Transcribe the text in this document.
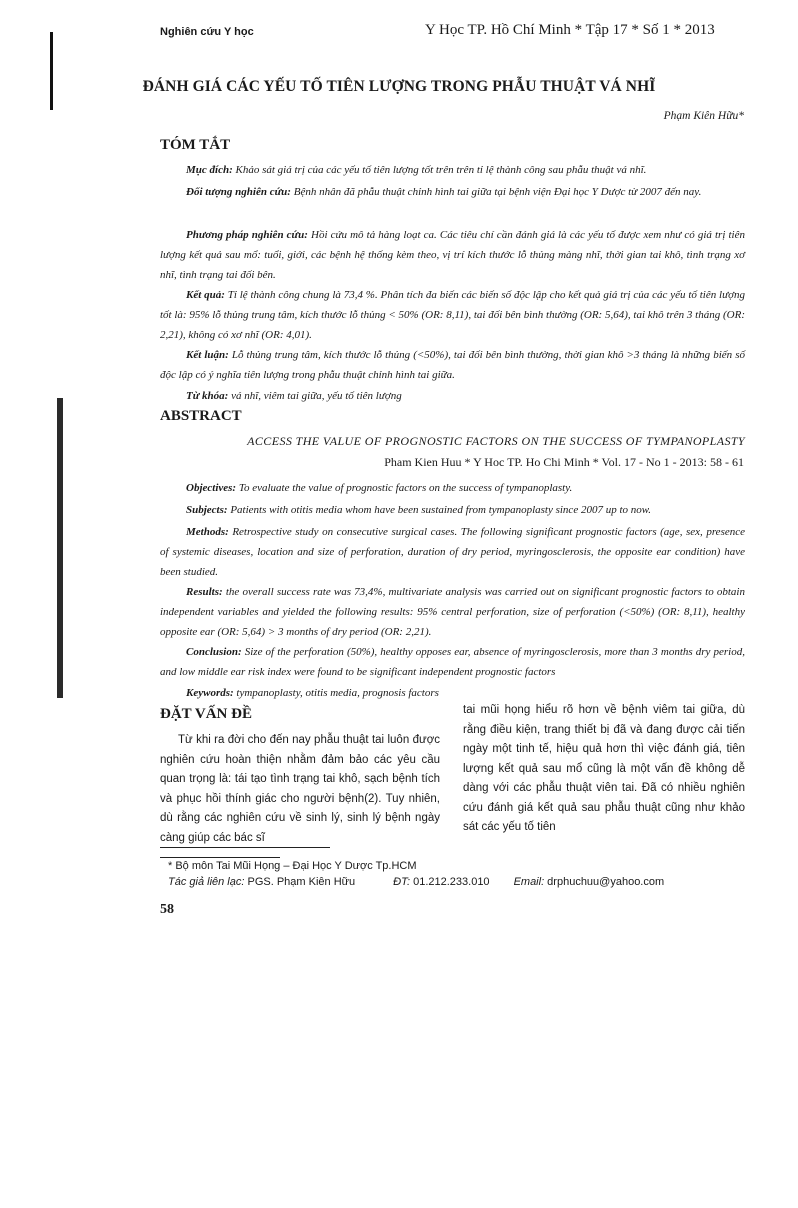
Nghiên cứu Y học	Y Học TP. Hồ Chí Minh * Tập 17 * Số 1 * 2013
ĐÁNH GIÁ CÁC YẾU TỐ TIÊN LƯỢNG TRONG PHẪU THUẬT VÁ NHĨ
Phạm Kiên Hữu*
TÓM TẮT
Mục đích: Khảo sát giá trị của các yếu tố tiên lượng tốt trên trên tỉ lệ thành công sau phẫu thuật vá nhĩ.
Đối tượng nghiên cứu: Bệnh nhân đã phẫu thuật chỉnh hình tai giữa tại bệnh viện Đại học Y Dược từ 2007 đến nay.
Phương pháp nghiên cứu: Hồi cứu mô tả hàng loạt ca. Các tiêu chí cần đánh giá là các yếu tố được xem như có giá trị tiên lượng kết quả sau mổ: tuổi, giới, các bệnh hệ thống kèm theo, vị trí kích thước lỗ thủng màng nhĩ, thời gian tai khô, tình trạng xơ nhĩ, tình trạng tai đối bên.
Kết quả: Tỉ lệ thành công chung là 73,4 %. Phân tích đa biến các biến số độc lập cho kết quả giá trị của các yếu tố tiên lượng tốt là: 95% lỗ thủng trung tâm, kích thước lỗ thủng < 50% (OR: 8,11), tai đối bên bình thường (OR: 5,64), tai khô trên 3 tháng (OR: 2,21), không có xơ nhĩ (OR: 4,01).
Kết luận: Lỗ thủng trung tâm, kích thước lỗ thủng (<50%), tai đối bên bình thường, thời gian khô >3 tháng là những biến số độc lập có ý nghĩa tiên lượng trong phẫu thuật chỉnh hình tai giữa.
Từ khóa: vá nhĩ, viêm tai giữa, yếu tố tiên lượng
ABSTRACT
ACCESS THE VALUE OF PROGNOSTIC FACTORS ON THE SUCCESS OF TYMPANOPLASTY
Pham Kien Huu * Y Hoc TP. Ho Chi Minh * Vol. 17 - No 1 - 2013: 58 - 61
Objectives: To evaluate the value of prognostic factors on the success of tympanoplasty.
Subjects: Patients with otitis media whom have been sustained from tympanoplasty since 2007 up to now.
Methods: Retrospective study on consecutive surgical cases. The following significant prognostic factors (age, sex, presence of systemic diseases, location and size of perforation, duration of dry period, myringosclerosis, the opposite ear condition) have been studied.
Results: the overall success rate was 73,4%, multivariate analysis was carried out on significant prognostic factors to obtain independent variables and yielded the following results: 95% central perforation, size of perforation (<50%) (OR: 8,11), healthy opposite ear (OR: 5,64) > 3 months of dry period (OR: 2,21).
Conclusion: Size of the perforation (50%), healthy opposes ear, absence of myringosclerosis, more than 3 months dry period, and low middle ear risk index were found to be significant independent prognostic factors
Keywords: tympanoplasty, otitis media, prognosis factors
ĐẶT VẤN ĐỀ
Từ khi ra đời cho đến nay phẫu thuật tai luôn được nghiên cứu hoàn thiện nhằm đảm bảo các yêu cầu quan trọng là: tái tạo tình trạng tai khô, sạch bệnh tích và phục hồi thính giác cho người bệnh(2). Tuy nhiên, dù rằng các nghiên cứu về sinh lý, sinh lý bệnh ngày càng giúp các bác sĩ
tai mũi họng hiểu rõ hơn về bệnh viêm tai giữa, dù rằng điều kiện, trang thiết bị đã và đang được cải tiến ngày một tinh tế, hiệu quả hơn thì việc đánh giá, tiên lượng kết quả sau mổ cũng là một vấn đề không dễ dàng với các phẫu thuật viên tai. Đã có nhiều nghiên cứu đánh giá kết quả sau phẫu thuật cũng như khảo sát các yếu tố tiên
* Bộ môn Tai Mũi Họng – Đại Học Y Dược Tp.HCM
Tác giả liên lạc: PGS. Phạm Kiên Hữu	ĐT: 01.212.233.010 Email: drphuchuu@yahoo.com
58
